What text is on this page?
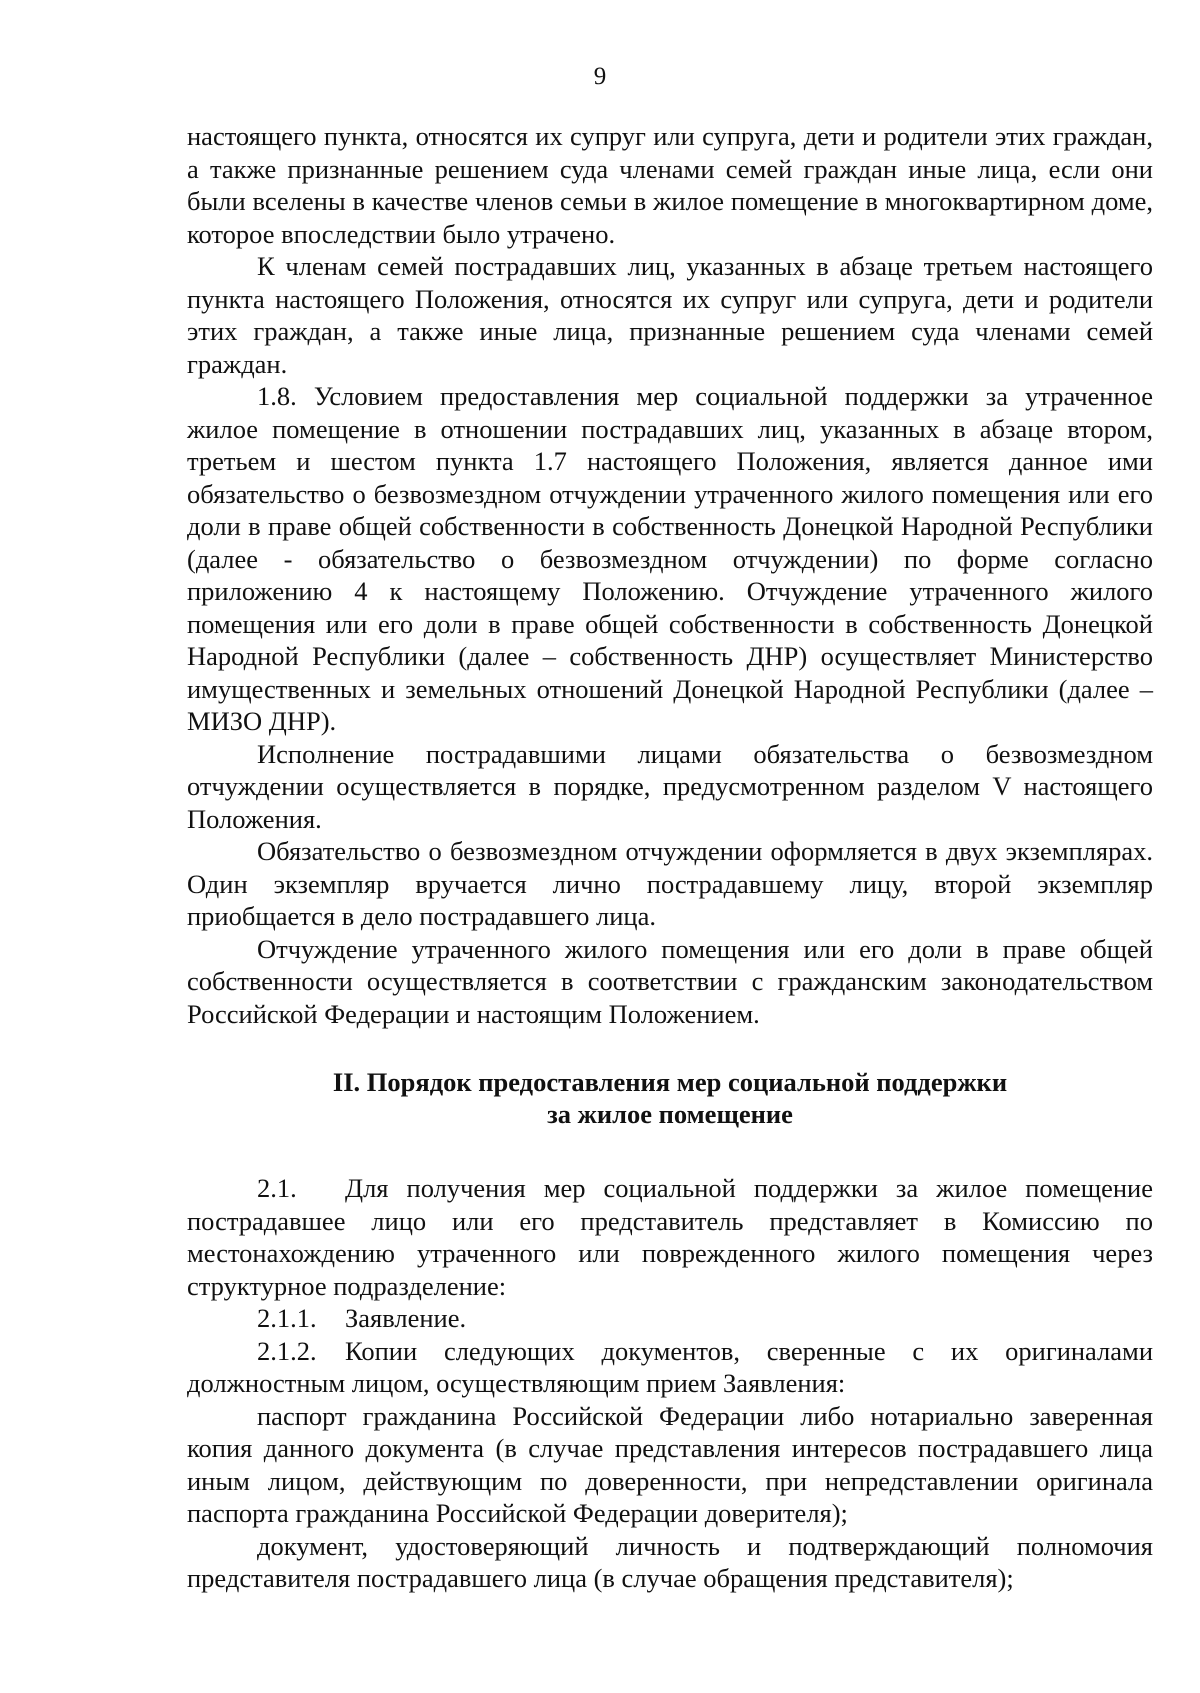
9

настоящего пункта, относятся их супруг или супруга, дети и родители этих граждан, а также признанные решением суда членами семей граждан иные лица, если они были вселены в качестве членов семьи в жилое помещение в многоквартирном доме, которое впоследствии было утрачено.

К членам семей пострадавших лиц, указанных в абзаце третьем настоящего пункта настоящего Положения, относятся их супруг или супруга, дети и родители этих граждан, а также иные лица, признанные решением суда членами семей граждан.

1.8. Условием предоставления мер социальной поддержки за утраченное жилое помещение в отношении пострадавших лиц, указанных в абзаце втором, третьем и шестом пункта 1.7 настоящего Положения, является данное ими обязательство о безвозмездном отчуждении утраченного жилого помещения или его доли в праве общей собственности в собственность Донецкой Народной Республики (далее - обязательство о безвозмездном отчуждении) по форме согласно приложению 4 к настоящему Положению. Отчуждение утраченного жилого помещения или его доли в праве общей собственности в собственность Донецкой Народной Республики (далее – собственность ДНР) осуществляет Министерство имущественных и земельных отношений Донецкой Народной Республики (далее – МИЗО ДНР).

Исполнение пострадавшими лицами обязательства о безвозмездном отчуждении осуществляется в порядке, предусмотренном разделом V настоящего Положения.

Обязательство о безвозмездном отчуждении оформляется в двух экземплярах. Один экземпляр вручается лично пострадавшему лицу, второй экземпляр приобщается в дело пострадавшего лица.

Отчуждение утраченного жилого помещения или его доли в праве общей собственности осуществляется в соответствии с гражданским законодательством Российской Федерации и настоящим Положением.

II. Порядок предоставления мер социальной поддержки
за жилое помещение

2.1. Для получения мер социальной поддержки за жилое помещение пострадавшее лицо или его представитель представляет в Комиссию по местонахождению утраченного или поврежденного жилого помещения через структурное подразделение:

2.1.1. Заявление.

2.1.2. Копии следующих документов, сверенные с их оригиналами должностным лицом, осуществляющим прием Заявления:

паспорт гражданина Российской Федерации либо нотариально заверенная копия данного документа (в случае представления интересов пострадавшего лица иным лицом, действующим по доверенности, при непредставлении оригинала паспорта гражданина Российской Федерации доверителя);

документ, удостоверяющий личность и подтверждающий полномочия представителя пострадавшего лица (в случае обращения представителя);
